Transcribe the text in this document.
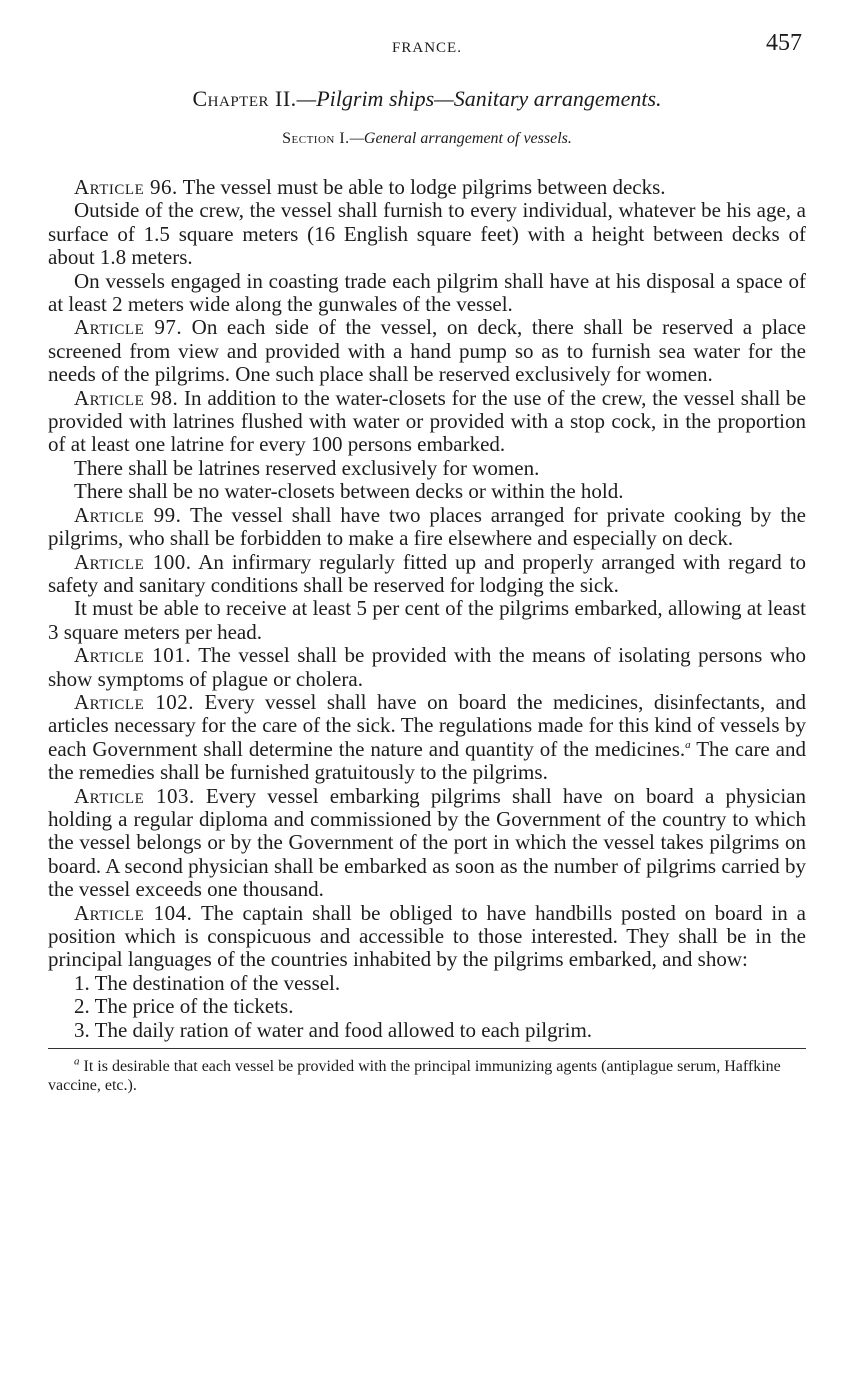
FRANCE.	457
Chapter II.—Pilgrim ships—Sanitary arrangements.
Section I.—General arrangement of vessels.

Article 96. The vessel must be able to lodge pilgrims between decks.

Outside of the crew, the vessel shall furnish to every individual, whatever be his age, a surface of 1.5 square meters (16 English square feet) with a height between decks of about 1.8 meters.

On vessels engaged in coasting trade each pilgrim shall have at his disposal a space of at least 2 meters wide along the gunwales of the vessel.

Article 97. On each side of the vessel, on deck, there shall be reserved a place screened from view and provided with a hand pump so as to furnish sea water for the needs of the pilgrims. One such place shall be reserved exclusively for women.

Article 98. In addition to the water-closets for the use of the crew, the vessel shall be provided with latrines flushed with water or provided with a stop cock, in the proportion of at least one latrine for every 100 persons embarked.

There shall be latrines reserved exclusively for women.

There shall be no water-closets between decks or within the hold.

Article 99. The vessel shall have two places arranged for private cooking by the pilgrims, who shall be forbidden to make a fire elsewhere and especially on deck.

Article 100. An infirmary regularly fitted up and properly arranged with regard to safety and sanitary conditions shall be reserved for lodging the sick.

It must be able to receive at least 5 per cent of the pilgrims embarked, allowing at least 3 square meters per head.

Article 101. The vessel shall be provided with the means of isolating persons who show symptoms of plague or cholera.

Article 102. Every vessel shall have on board the medicines, disinfectants, and articles necessary for the care of the sick. The regulations made for this kind of vessels by each Government shall determine the nature and quantity of the medicines.$^a$ The care and the remedies shall be furnished gratuitously to the pilgrims.

Article 103. Every vessel embarking pilgrims shall have on board a physician holding a regular diploma and commissioned by the Government of the country to which the vessel belongs or by the Government of the port in which the vessel takes pilgrims on board. A second physician shall be embarked as soon as the number of pilgrims carried by the vessel exceeds one thousand.

Article 104. The captain shall be obliged to have handbills posted on board in a position which is conspicuous and accessible to those interested. They shall be in the principal languages of the countries inhabited by the pilgrims embarked, and show:

1. The destination of the vessel.

2. The price of the tickets.

3. The daily ration of water and food allowed to each pilgrim.

$^a$ It is desirable that each vessel be provided with the principal immunizing agents (antiplague serum, Haffkine vaccine, etc.).
